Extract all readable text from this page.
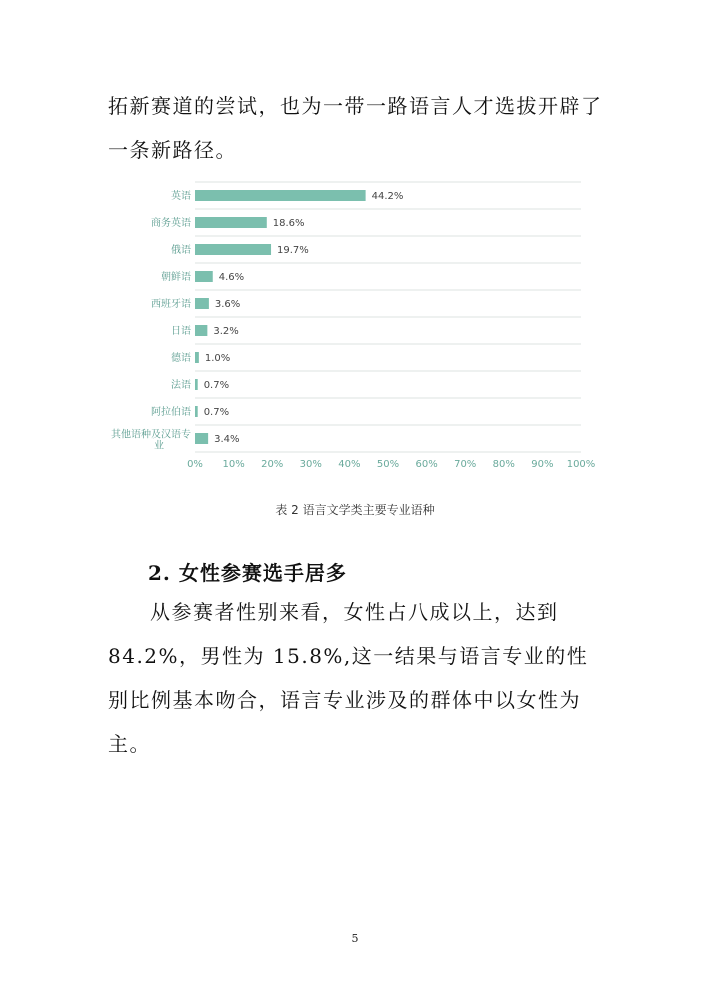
拓新赛道的尝试，也为一带一路语言人才选拔开辟了一条新路径。

44.2%
英语
18.6%
商务英语
19.7%
俄语
4.6%
朝鲜语
3.6%
西班牙语
3.2%
日语
1.0%
德语
0.7%
法语
0.7%
阿拉伯语
3.4%
其他语种及汉语专
业
0% 10% 20% 30% 40% 50% 60% 70% 80% 90% 100%
表 2 语言文学类主要专业语种
2. 女性参赛选手居多

从参赛者性别来看，女性占八成以上，达到 84.2%，男性为 15.8%,这一结果与语言专业的性别比例基本吻合，语言专业涉及的群体中以女性为主。

5
